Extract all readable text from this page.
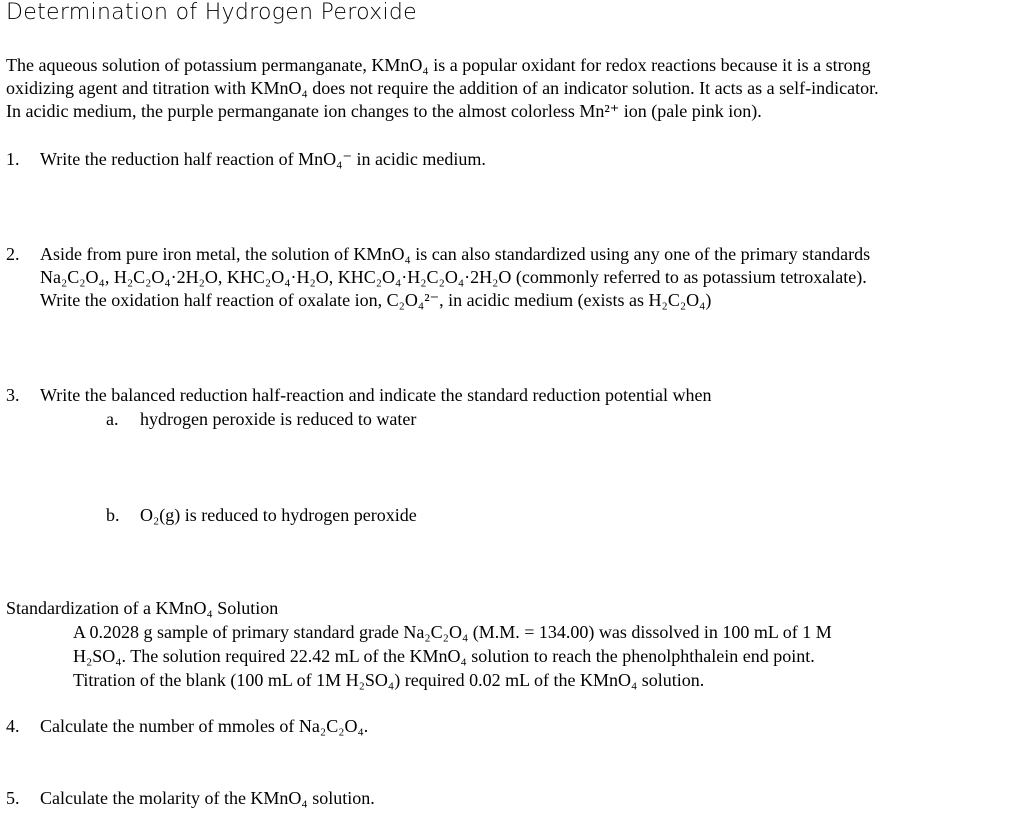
Determination of Hydrogen Peroxide
The aqueous solution of potassium permanganate, KMnO₄ is a popular oxidant for redox reactions because it is a strong
oxidizing agent and titration with KMnO₄ does not require the addition of an indicator solution. It acts as a self-indicator.
In acidic medium, the purple permanganate ion changes to the almost colorless Mn²⁺ ion (pale pink ion).
1. Write the reduction half reaction of MnO₄⁻ in acidic medium.
2. Aside from pure iron metal, the solution of KMnO₄ is can also standardized using any one of the primary standards
Na₂C₂O₄, H₂C₂O₄·2H₂O, KHC₂O₄·H₂O, KHC₂O₄·H₂C₂O₄·2H₂O (commonly referred to as potassium tetroxalate).
Write the oxidation half reaction of oxalate ion, C₂O₄²⁻, in acidic medium (exists as H₂C₂O₄)
3. Write the balanced reduction half-reaction and indicate the standard reduction potential when
a. hydrogen peroxide is reduced to water
b. O₂(g) is reduced to hydrogen peroxide
Standardization of a KMnO₄ Solution
A 0.2028 g sample of primary standard grade Na₂C₂O₄ (M.M. = 134.00) was dissolved in 100 mL of 1 M
H₂SO₄. The solution required 22.42 mL of the KMnO₄ solution to reach the phenolphthalein end point.
Titration of the blank (100 mL of 1M H₂SO₄) required 0.02 mL of the KMnO₄ solution.
4. Calculate the number of mmoles of Na₂C₂O₄.
5. Calculate the molarity of the KMnO₄ solution.
